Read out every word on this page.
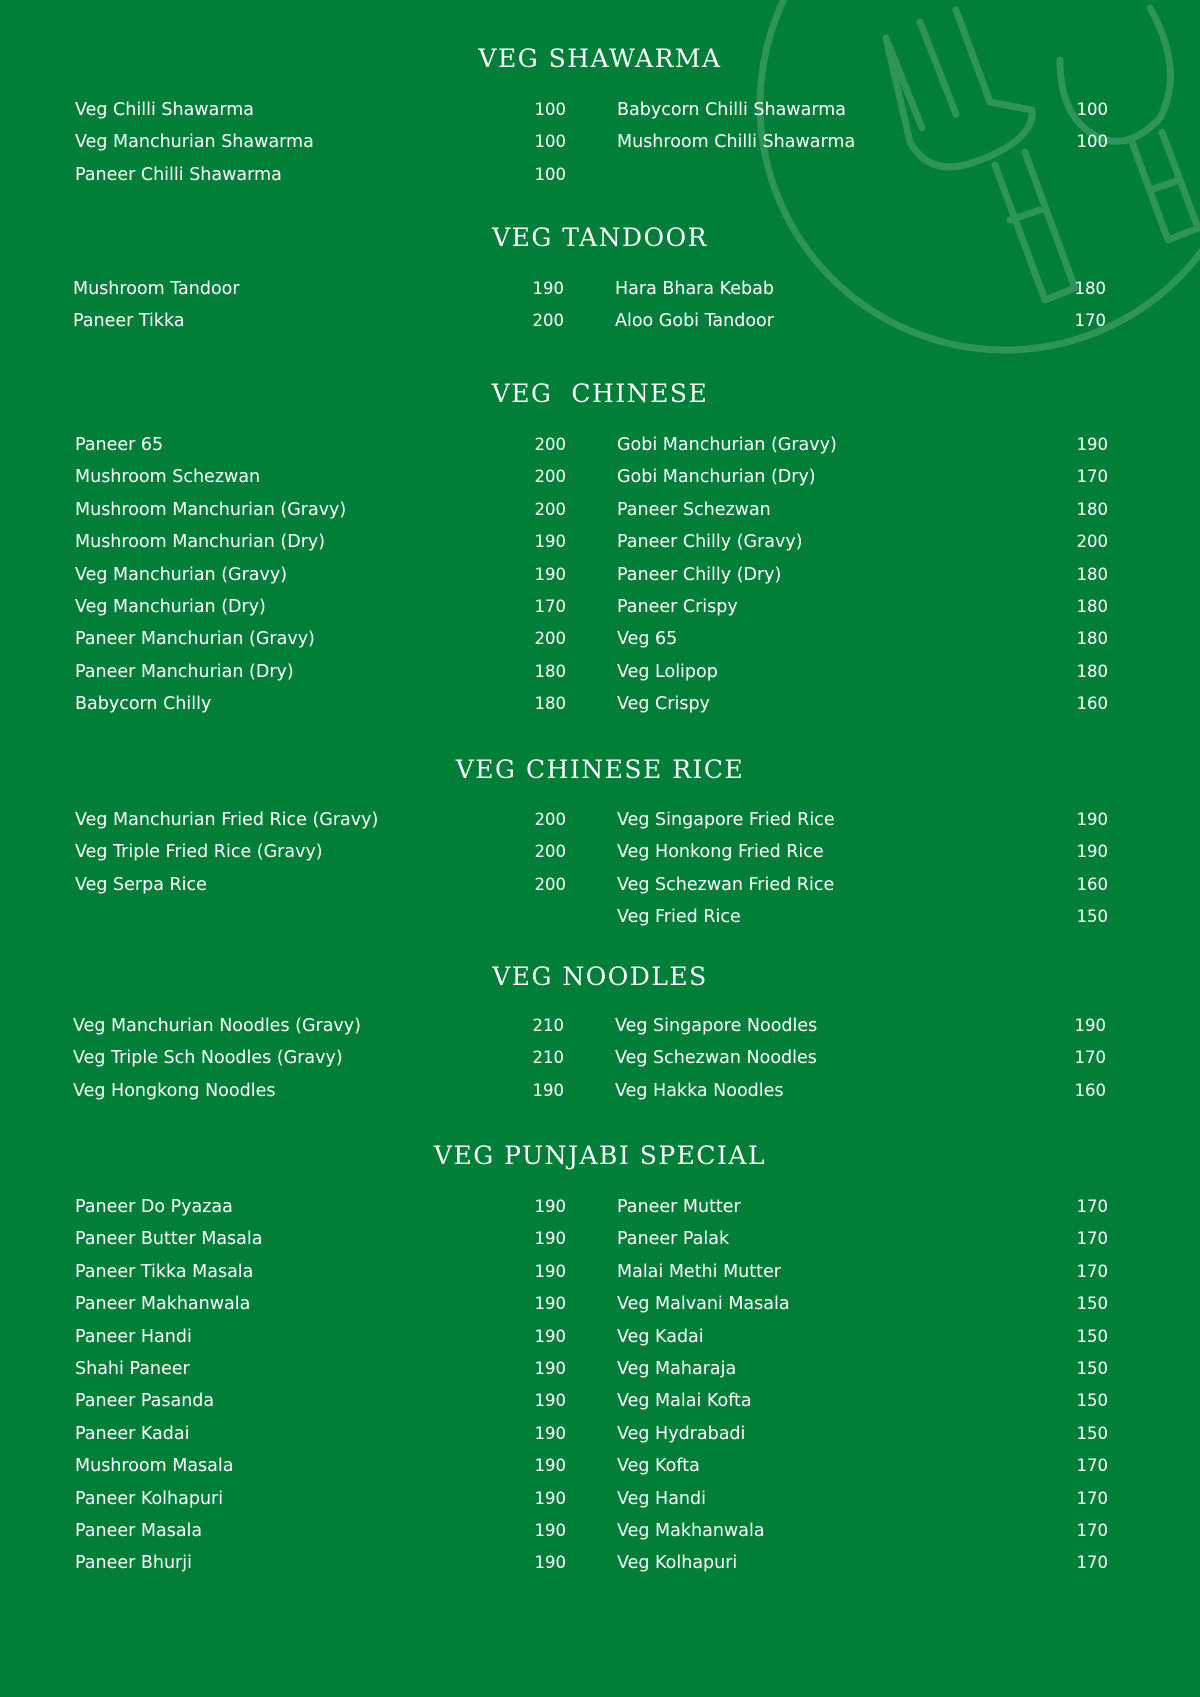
VEG SHAWARMA
Veg Chilli Shawarma	100
Veg Manchurian Shawarma	100
Paneer Chilli Shawarma	100
Babycorn Chilli Shawarma	100
Mushroom Chilli Shawarma	100
VEG TANDOOR
Mushroom Tandoor	190
Paneer Tikka	200
Hara Bhara Kebab	180
Aloo Gobi Tandoor	170
VEG  CHINESE
Paneer 65	200
Mushroom Schezwan	200
Mushroom Manchurian (Gravy)	200
Mushroom Manchurian (Dry)	190
Veg Manchurian (Gravy)	190
Veg Manchurian (Dry)	170
Paneer Manchurian (Gravy)	200
Paneer Manchurian (Dry)	180
Babycorn Chilly	180
Gobi Manchurian (Gravy)	190
Gobi Manchurian (Dry)	170
Paneer Schezwan	180
Paneer Chilly (Gravy)	200
Paneer Chilly (Dry)	180
Paneer Crispy	180
Veg 65	180
Veg Lolipop	180
Veg Crispy	160
VEG CHINESE RICE
Veg Manchurian Fried Rice (Gravy)	200
Veg Triple Fried Rice (Gravy)	200
Veg Serpa Rice	200
Veg Singapore Fried Rice	190
Veg Honkong Fried Rice	190
Veg Schezwan Fried Rice	160
Veg Fried Rice	150
VEG NOODLES
Veg Manchurian Noodles (Gravy)	210
Veg Triple Sch Noodles (Gravy)	210
Veg Hongkong Noodles	190
Veg Singapore Noodles	190
Veg Schezwan Noodles	170
Veg Hakka Noodles	160
VEG PUNJABI SPECIAL
Paneer Do Pyazaa	190
Paneer Butter Masala	190
Paneer Tikka Masala	190
Paneer Makhanwala	190
Paneer Handi	190
Shahi Paneer	190
Paneer Pasanda	190
Paneer Kadai	190
Mushroom Masala	190
Paneer Kolhapuri	190
Paneer Masala	190
Paneer Bhurji	190
Paneer Mutter	170
Paneer Palak	170
Malai Methi Mutter	170
Veg Malvani Masala	150
Veg Kadai	150
Veg Maharaja	150
Veg Malai Kofta	150
Veg Hydrabadi	150
Veg Kofta	170
Veg Handi	170
Veg Makhanwala	170
Veg Kolhapuri	170
